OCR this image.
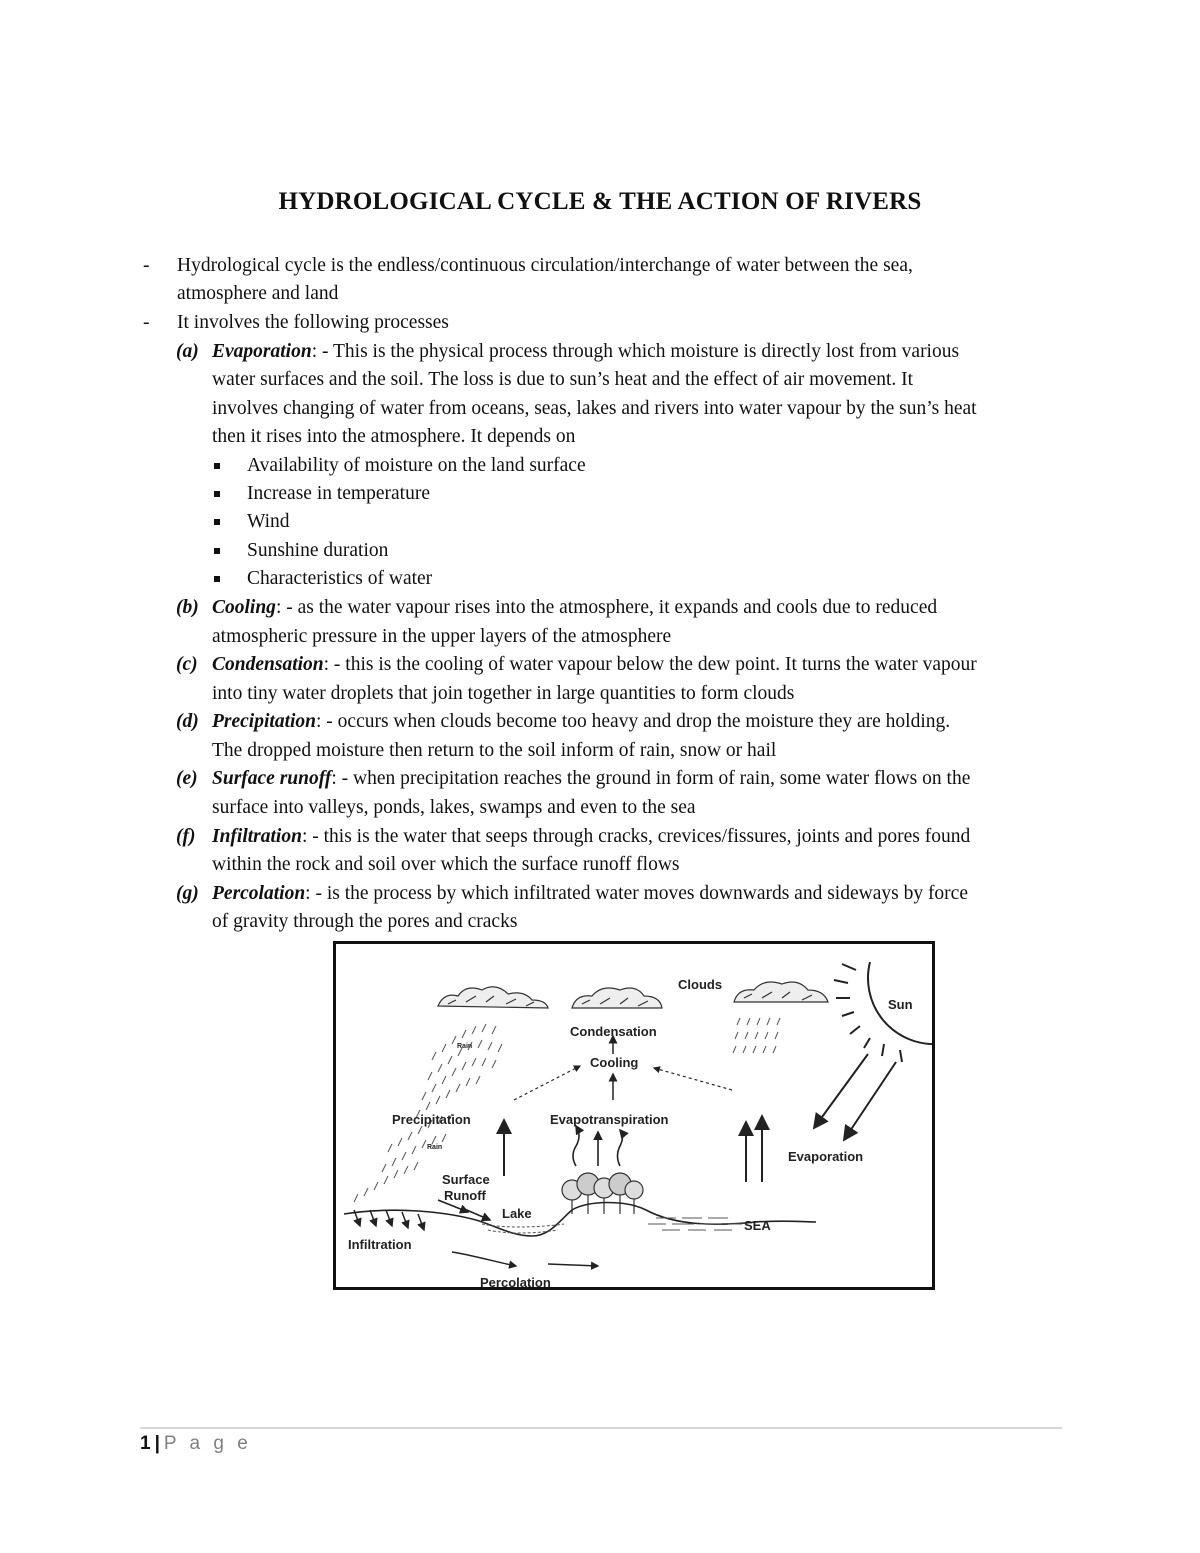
HYDROLOGICAL CYCLE & THE ACTION OF RIVERS
- Hydrological cycle is the endless/continuous circulation/interchange of water between the sea,
atmosphere and land
- It involves the following processes
(a) Evaporation: - This is the physical process through which moisture is directly lost from various
water surfaces and the soil. The loss is due to sun’s heat and the effect of air movement. It
involves changing of water from oceans, seas, lakes and rivers into water vapour by the sun’s heat
then it rises into the atmosphere. It depends on
Availability of moisture on the land surface
Increase in temperature
Wind
Sunshine duration
Characteristics of water
(b) Cooling: - as the water vapour rises into the atmosphere, it expands and cools due to reduced
atmospheric pressure in the upper layers of the atmosphere
(c) Condensation: - this is the cooling of water vapour below the dew point. It turns the water vapour
into tiny water droplets that join together in large quantities to form clouds
(d) Precipitation: - occurs when clouds become too heavy and drop the moisture they are holding.
The dropped moisture then return to the soil inform of rain, snow or hail
(e) Surface runoff: - when precipitation reaches the ground in form of rain, some water flows on the
surface into valleys, ponds, lakes, swamps and even to the sea
(f) Infiltration: - this is the water that seeps through cracks, crevices/fissures, joints and pores found
within the rock and soil over which the surface runoff flows
(g) Percolation: - is the process by which infiltrated water moves downwards and sideways by force
of gravity through the pores and cracks
Rain
Rain
Clouds
Sun
Condensation
Cooling
Precipitation	Evapotranspiration
Evaporation
Surface
Runoff
Lake
SEA
Infiltration
Percolation
1 | P a g e
